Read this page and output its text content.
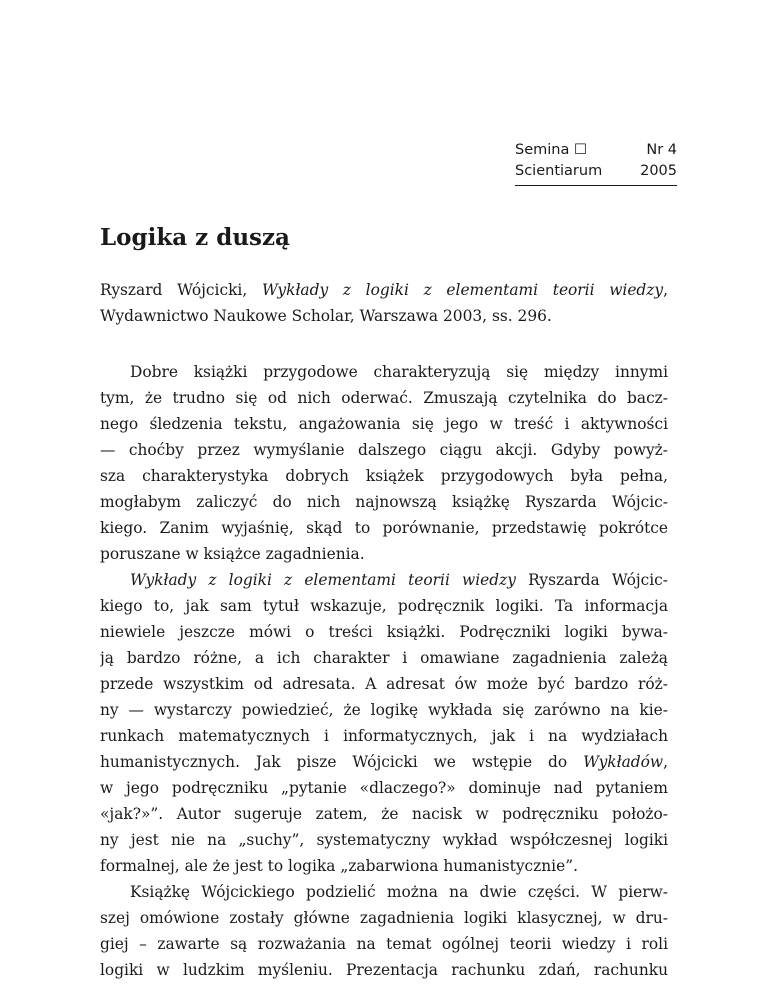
Semina ☐	Nr 4
Scientiarum	2005
Logika z duszą
Ryszard Wójcicki, Wykłady z logiki z elementami teorii wiedzy, Wydawnictwo Naukowe Scholar, Warszawa 2003, ss. 296.
Dobre książki przygodowe charakteryzują się między innymi
tym, że trudno się od nich oderwać. Zmuszają czytelnika do bacz-
nego śledzenia tekstu, angażowania się jego w treść i aktywności
— choćby przez wymyślanie dalszego ciągu akcji. Gdyby powyż-
sza charakterystyka dobrych książek przygodowych była pełna,
mogłabym zaliczyć do nich najnowszą książkę Ryszarda Wójcic-
kiego. Zanim wyjaśnię, skąd to porównanie, przedstawię pokrótce
poruszane w książce zagadnienia.
Wykłady z logiki z elementami teorii wiedzy Ryszarda Wójcic-
kiego to, jak sam tytuł wskazuje, podręcznik logiki. Ta informacja
niewiele jeszcze mówi o treści książki. Podręczniki logiki bywa-
ją bardzo różne, a ich charakter i omawiane zagadnienia zależą
przede wszystkim od adresata. A adresat ów może być bardzo róż-
ny — wystarczy powiedzieć, że logikę wykłada się zarówno na kie-
runkach matematycznych i informatycznych, jak i na wydziałach
humanistycznych. Jak pisze Wójcicki we wstępie do Wykładów,
w jego podręczniku „pytanie «dlaczego?» dominuje nad pytaniem
«jak?»”. Autor sugeruje zatem, że nacisk w podręczniku położo-
ny jest nie na „suchy”, systematyczny wykład współczesnej logiki
formalnej, ale że jest to logika „zabarwiona humanistycznie”.
Książkę Wójcickiego podzielić można na dwie części. W pierw-
szej omówione zostały główne zagadnienia logiki klasycznej, w dru-
giej – zawarte są rozważania na temat ogólnej teorii wiedzy i roli
logiki w ludzkim myśleniu. Prezentacja rachunku zdań, rachunku
